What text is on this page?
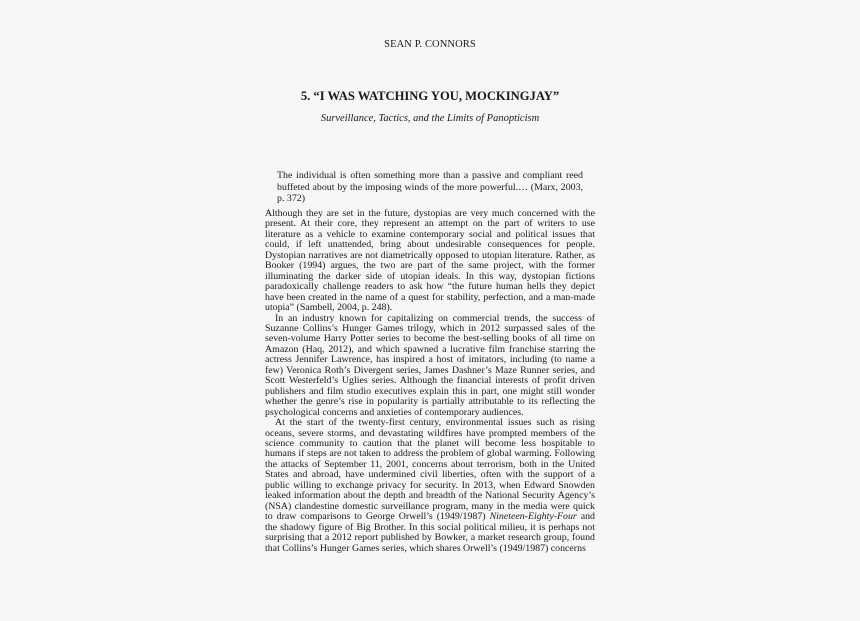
SEAN P. CONNORS
5. “I WAS WATCHING YOU, MOCKINGJAY”
Surveillance, Tactics, and the Limits of Panopticism

The individual is often something more than a passive and compliant reed buffeted about by the imposing winds of the more powerful.… (Marx, 2003, p. 372)

Although they are set in the future, dystopias are very much concerned with the present. At their core, they represent an attempt on the part of writers to use literature as a vehicle to examine contemporary social and political issues that could, if left unattended, bring about undesirable consequences for people. Dystopian narratives are not diametrically opposed to utopian literature. Rather, as Booker (1994) argues, the two are part of the same project, with the former illuminating the darker side of utopian ideals. In this way, dystopian fictions paradoxically challenge readers to ask how “the future human hells they depict have been created in the name of a quest for stability, perfection, and a man-made utopia” (Sambell, 2004, p. 248).

In an industry known for capitalizing on commercial trends, the success of Suzanne Collins’s Hunger Games trilogy, which in 2012 surpassed sales of the seven-volume Harry Potter series to become the best-selling books of all time on Amazon (Haq, 2012), and which spawned a lucrative film franchise starring the actress Jennifer Lawrence, has inspired a host of imitators, including (to name a few) Veronica Roth’s Divergent series, James Dashner’s Maze Runner series, and Scott Westerfeld’s Uglies series. Although the financial interests of profit driven publishers and film studio executives explain this in part, one might still wonder whether the genre’s rise in popularity is partially attributable to its reflecting the psychological concerns and anxieties of contemporary audiences.

At the start of the twenty-first century, environmental issues such as rising oceans, severe storms, and devastating wildfires have prompted members of the science community to caution that the planet will become less hospitable to humans if steps are not taken to address the problem of global warming. Following the attacks of September 11, 2001, concerns about terrorism, both in the United States and abroad, have undermined civil liberties, often with the support of a public willing to exchange privacy for security. In 2013, when Edward Snowden leaked information about the depth and breadth of the National Security Agency’s (NSA) clandestine domestic surveillance program, many in the media were quick to draw comparisons to George Orwell’s (1949/1987) Nineteen-Eighty-Four and the shadowy figure of Big Brother. In this social political milieu, it is perhaps not surprising that a 2012 report published by Bowker, a market research group, found that Collins’s Hunger Games series, which shares Orwell’s (1949/1987) concerns
